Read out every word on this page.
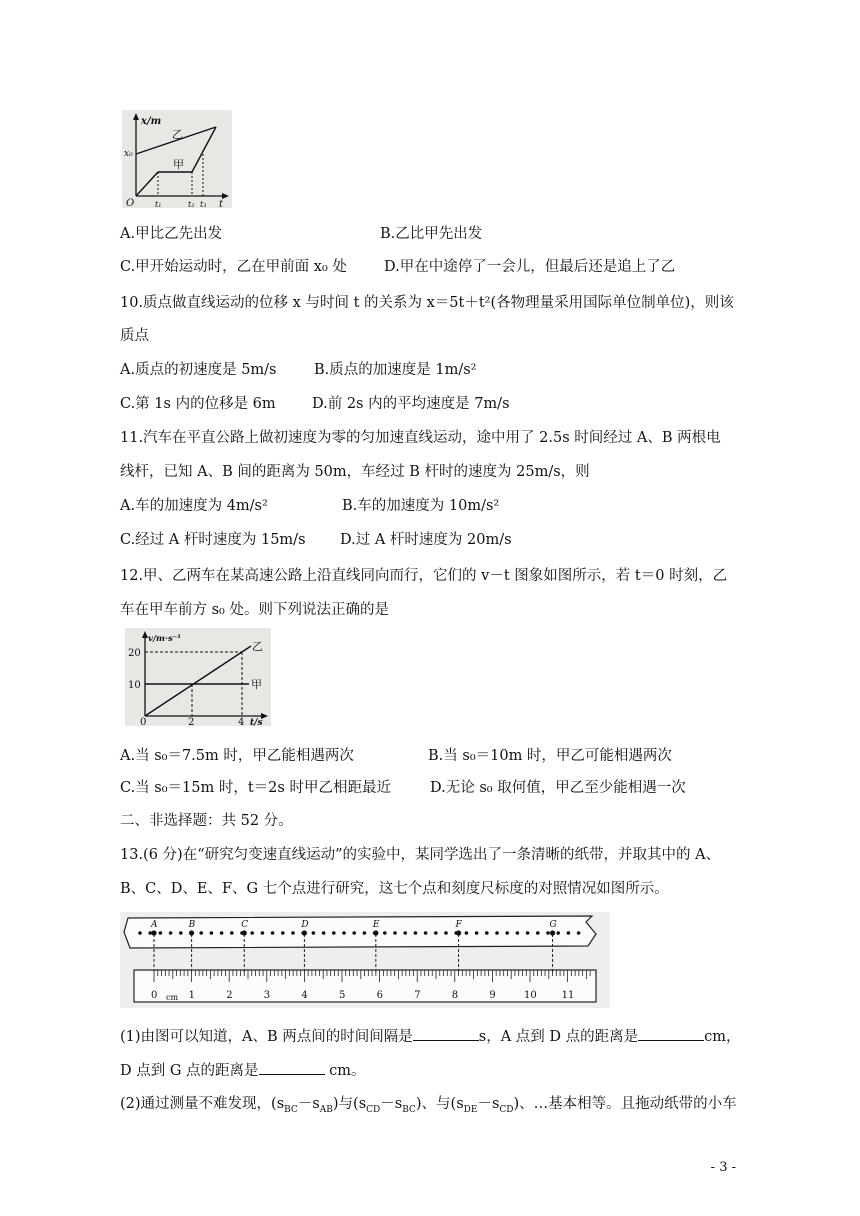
x/m
x₀
O	t
乙
甲
t₁	t₂ t₃
A.甲比乙先出发	B.乙比甲先出发
C.甲开始运动时，乙在甲前面 x₀ 处	D.甲在中途停了一会儿，但最后还是追上了乙
10.质点做直线运动的位移 x 与时间 t 的关系为 x＝5t＋t²(各物理量采用国际单位制单位)，则该
质点
A.质点的初速度是 5m/s	B.质点的加速度是 1m/s²
C.第 1s 内的位移是 6m	D.前 2s 内的平均速度是 7m/s
11.汽车在平直公路上做初速度为零的匀加速直线运动，途中用了 2.5s 时间经过 A、B 两根电
线杆，已知 A、B 间的距离为 50m，车经过 B 杆时的速度为 25m/s，则
A.车的加速度为 4m/s²	B.车的加速度为 10m/s²
C.经过 A 杆时速度为 15m/s D.过 A 杆时速度为 20m/s
12.甲、乙两车在某高速公路上沿直线同向而行，它们的 v－t 图象如图所示，若 t＝0 时刻，乙
车在甲车前方 s₀ 处。则下列说法正确的是
v/m·s⁻¹
20
10
0	2	4 t/s
乙
甲
A.当 s₀＝7.5m 时，甲乙能相遇两次	B.当 s₀＝10m 时，甲乙可能相遇两次
C.当 s₀＝15m 时，t＝2s 时甲乙相距最近	D.无论 s₀ 取何值，甲乙至少能相遇一次
二、非选择题：共 52 分。
13.(6 分)在“研究匀变速直线运动”的实验中，某同学选出了一条清晰的纸带，并取其中的 A、
B、C、D、E、F、G 七个点进行研究，这七个点和刻度尺标度的对照情况如图所示。
A	B	C	D	E	F	G
0	1	2	3	4	5	6	7	8	9	10 11
cm
(1)由图可以知道，A、B 两点间的时间间隔是	s，A 点到 D 点的距离是	cm，
D 点到 G 点的距离是	cm。
(2)通过测量不难发现，$(s_{BC}-s_{AB})$与$(s_{CD}-s_{BC})$、与$(s_{DE}-s_{CD})$、…基本相等。且拖动纸带的小车
- 3 -
